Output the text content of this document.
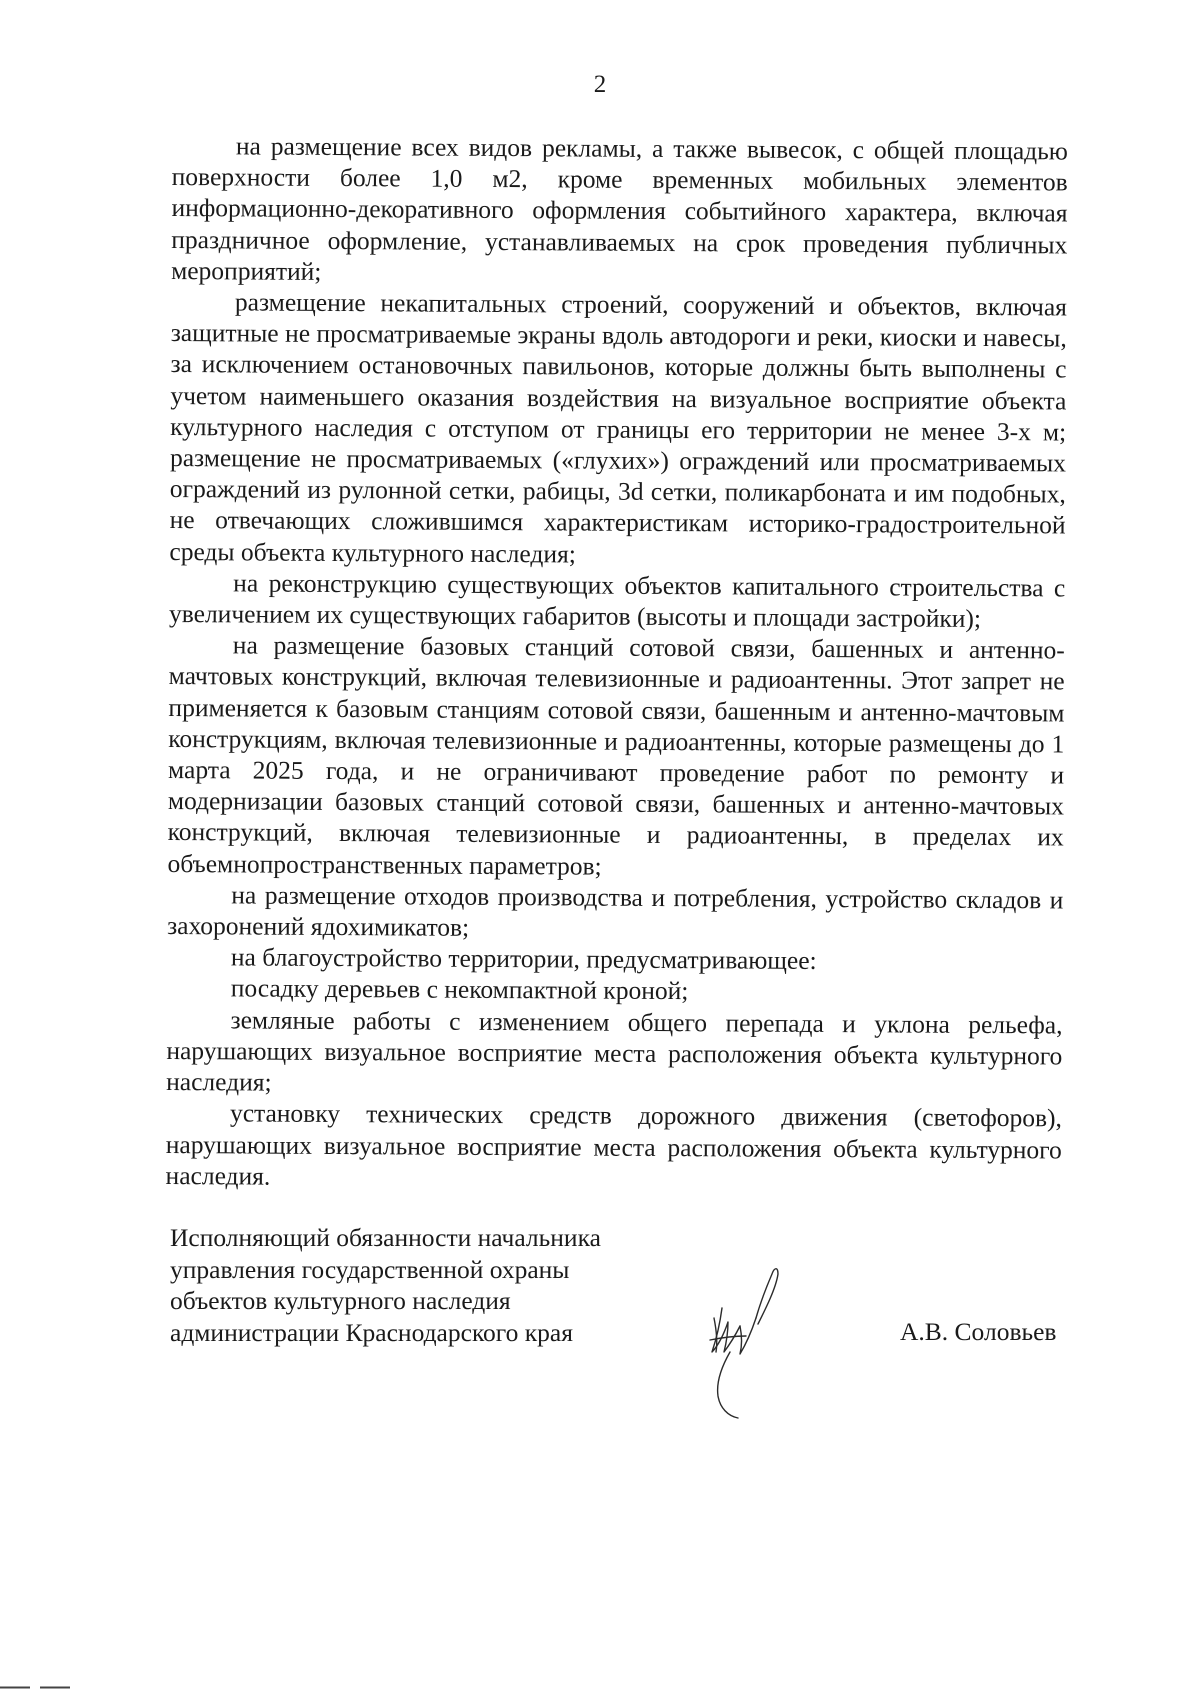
2

на размещение всех видов рекламы, а также вывесок, с общей площадью поверхности более 1,0 м2, кроме временных мобильных элементов информационно-декоративного оформления событийного характера, включая праздничное оформление, устанавливаемых на срок проведения публичных мероприятий;

размещение некапитальных строений, сооружений и объектов, включая защитные не просматриваемые экраны вдоль автодороги и реки, киоски и навесы, за исключением остановочных павильонов, которые должны быть выполнены с учетом наименьшего оказания воздействия на визуальное восприятие объекта культурного наследия с отступом от границы его территории не менее 3-х м; размещение не просматриваемых («глухих») ограждений или просматриваемых ограждений из рулонной сетки, рабицы, 3d сетки, поликарбоната и им подобных, не отвечающих сложившимся характеристикам историко-градостроительной среды объекта культурного наследия;

на реконструкцию существующих объектов капитального строительства с увеличением их существующих габаритов (высоты и площади застройки);

на размещение базовых станций сотовой связи, башенных и антенно-мачтовых конструкций, включая телевизионные и радиоантенны. Этот запрет не применяется к базовым станциям сотовой связи, башенным и антенно-мачтовым конструкциям, включая телевизионные и радиоантенны, которые размещены до 1 марта 2025 года, и не ограничивают проведение работ по ремонту и модернизации базовых станций сотовой связи, башенных и антенно-мачтовых конструкций, включая телевизионные и радиоантенны, в пределах их объемнопространственных параметров;

на размещение отходов производства и потребления, устройство складов и захоронений ядохимикатов;

на благоустройство территории, предусматривающее:

посадку деревьев с некомпактной кроной;

земляные работы с изменением общего перепада и уклона рельефа, нарушающих визуальное восприятие места расположения объекта культурного наследия;

установку технических средств дорожного движения (светофоров), нарушающих визуальное восприятие места расположения объекта культурного наследия.

Исполняющий обязанности начальника
управления государственной охраны
объектов культурного наследия
администрации Краснодарского края	А.В. Соловьев
